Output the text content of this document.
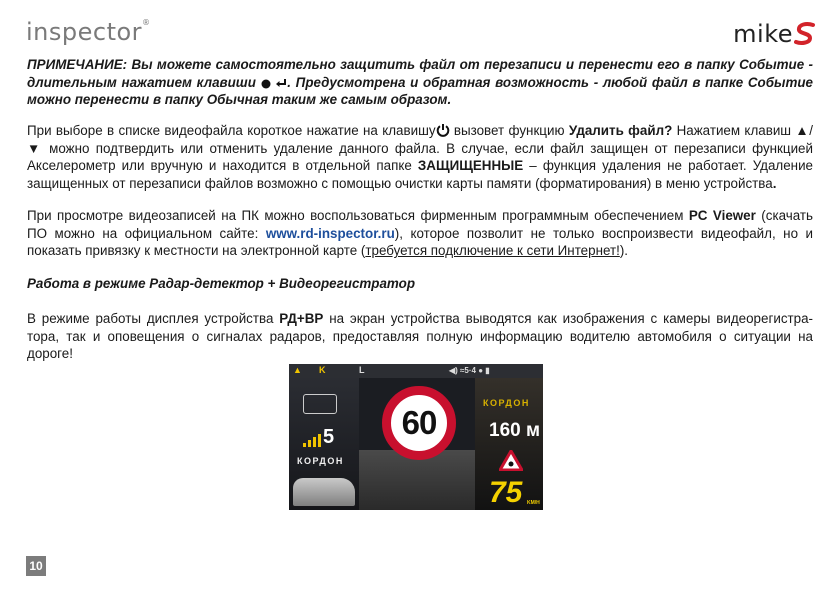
inspector®	mike
ПРИМЕЧАНИЕ: Вы можете самостоятельно защитить файл от перезаписи и перенести его в папку Событие - длительным нажатием клавиши . Предусмотрена и обратная возможность - любой файл в папке Событие можно перенести в папку Обычная таким же самым образом.
При выборе в списке видеофайла короткое нажатие на клавишу вызовет функцию Удалить файл? Нажатием клавиш ▲/▼ можно подтвердить или отменить удаление данного файла. В случае, если файл защищен от перезаписи функцией Акселерометр или вручную и находится в отдельной папке ЗАЩИЩЕННЫЕ – функция удаления не работает. Удаление защищенных от перезаписи файлов возможно с помощью очистки карты памяти (форматирования) в меню устройства.
При просмотре видеозаписей на ПК можно воспользоваться фирменным программным обеспечением PC Viewer (скачать ПО можно на официальном сайте: www.rd-inspector.ru), которое позволит не только воспроизвести видеофайл, но и показать привязку к местности на электронной карте (требуется подключение к сети Интернет!).
Работа в режиме Радар-детектор + Видеорегистратор
В режиме работы дисплея устройства РД+ВР на экран устройства выводятся как изображения с камеры видеорегистра-тора, так и оповещения о сигналах радаров, предоставляя полную информацию водителю автомобиля о ситуации на дороге!
▲ K	L	◀) ≈5·4 ● ▮
60
5
КОРДОН
КОРДОН
160 м
75 KM/H
10
